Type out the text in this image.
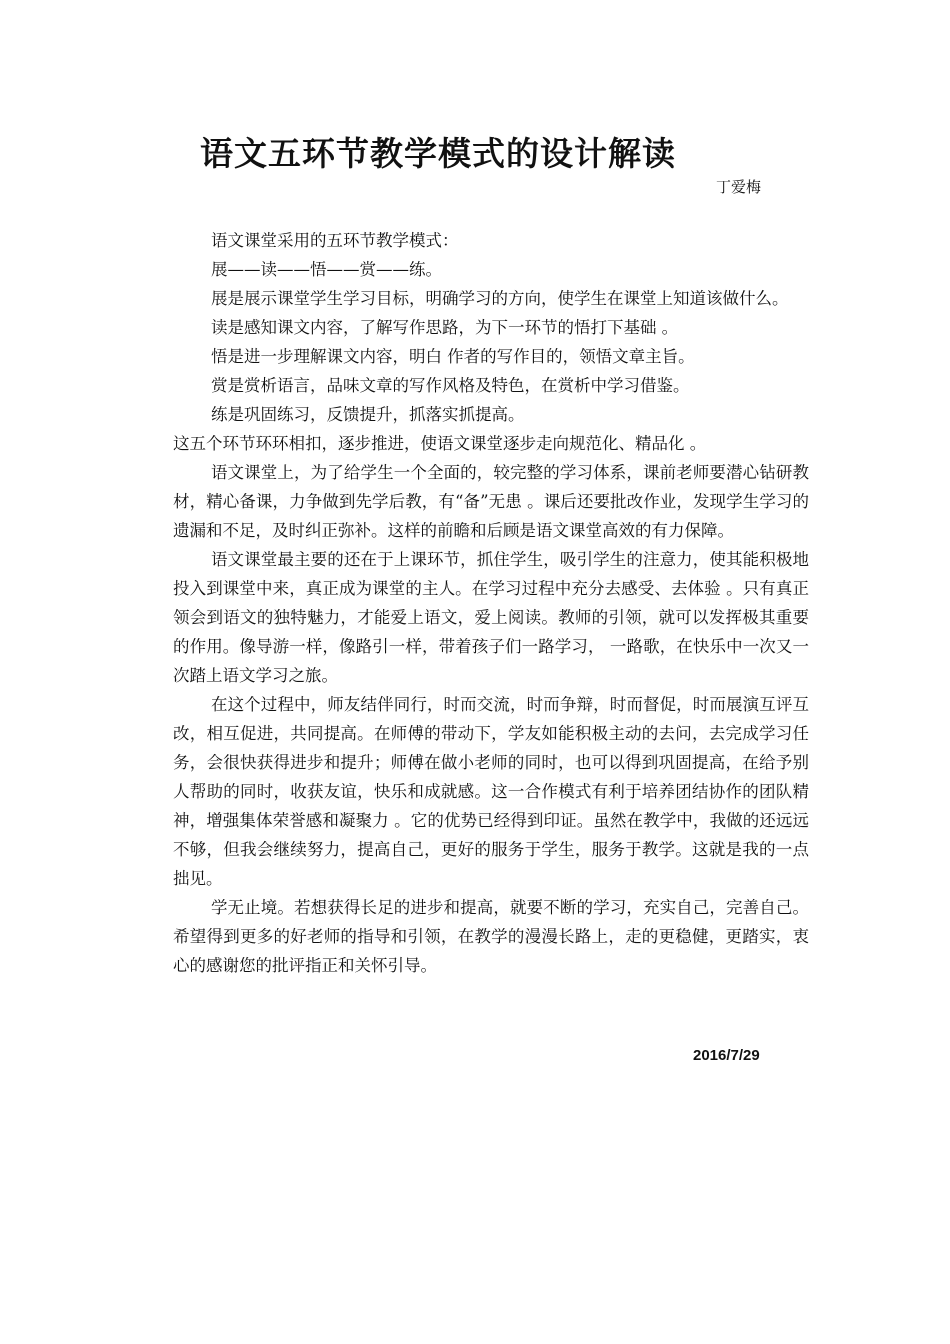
语文五环节教学模式的设计解读
丁爱梅

语文课堂采用的五环节教学模式：

展——读——悟——赏——练。

展是展示课堂学生学习目标，明确学习的方向，使学生在课堂上知道该做什么。

读是感知课文内容，了解写作思路，为下一环节的悟打下基础 。

悟是进一步理解课文内容，明白 作者的写作目的，领悟文章主旨。

赏是赏析语言，品味文章的写作风格及特色，在赏析中学习借鉴。

练是巩固练习，反馈提升，抓落实抓提高。

这五个环节环环相扣，逐步推进，使语文课堂逐步走向规范化、精品化 。

语文课堂上，为了给学生一个全面的，较完整的学习体系，课前老师要潜心钻研教材，精心备课，力争做到先学后教，有“备”无患 。课后还要批改作业，发现学生学习的遗漏和不足，及时纠正弥补。这样的前瞻和后顾是语文课堂高效的有力保障。

语文课堂最主要的还在于上课环节，抓住学生，吸引学生的注意力，使其能积极地投入到课堂中来，真正成为课堂的主人。在学习过程中充分去感受、去体验 。只有真正领会到语文的独特魅力，才能爱上语文，爱上阅读。教师的引领，就可以发挥极其重要的作用。像导游一样，像路引一样，带着孩子们一路学习， 一路歌，在快乐中一次又一次踏上语文学习之旅。

在这个过程中，师友结伴同行，时而交流，时而争辩，时而督促，时而展演互评互改，相互促进，共同提高。在师傅的带动下，学友如能积极主动的去问，去完成学习任务，会很快获得进步和提升；师傅在做小老师的同时，也可以得到巩固提高，在给予别人帮助的同时，收获友谊，快乐和成就感。这一合作模式有利于培养团结协作的团队精神，增强集体荣誉感和凝聚力 。它的优势已经得到印证。虽然在教学中，我做的还远远不够，但我会继续努力，提高自己，更好的服务于学生，服务于教学。这就是我的一点拙见。

学无止境。若想获得长足的进步和提高，就要不断的学习，充实自己，完善自己。希望得到更多的好老师的指导和引领，在教学的漫漫长路上，走的更稳健，更踏实，衷心的感谢您的批评指正和关怀引导。

2016/7/29
